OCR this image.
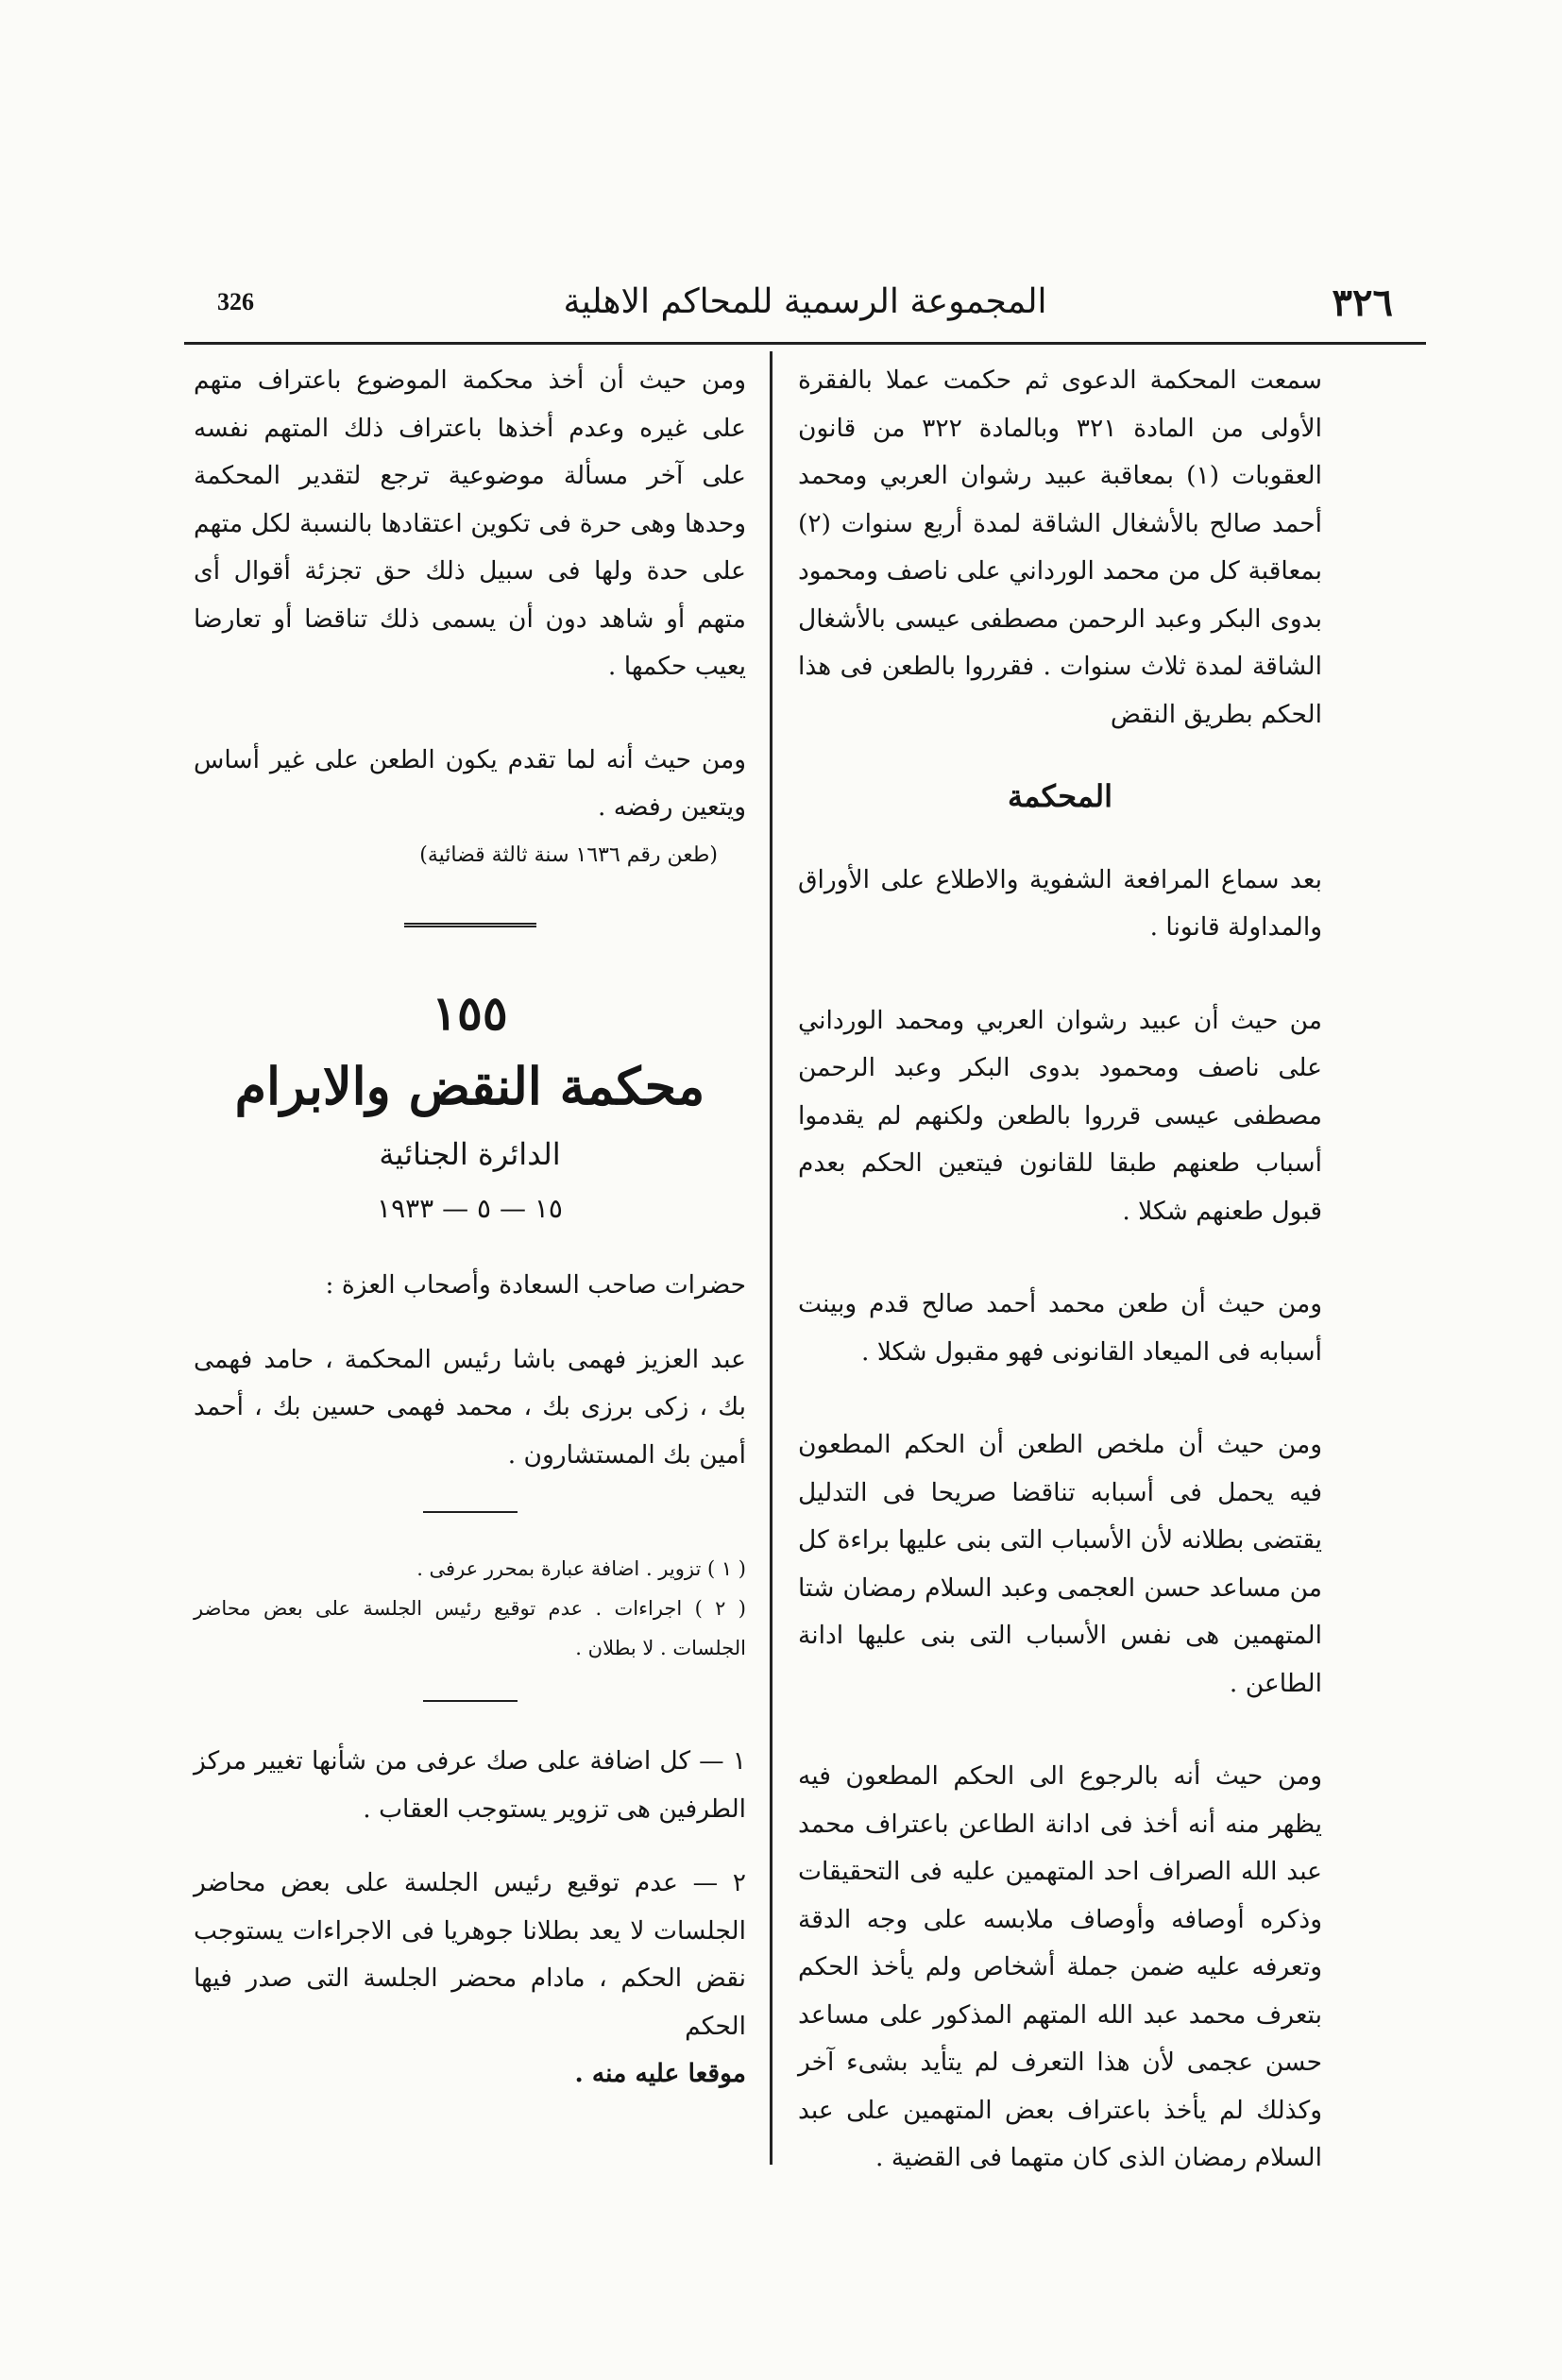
326	المجموعة الرسمية للمحاكم الاهلية	٣٢٦

سمعت المحكمة الدعوى ثم حكمت عملا بالفقرة الأولى من المادة ٣٢١ وبالمادة ٣٢٢ من قانون العقوبات (١) بمعاقبة عبيد رشوان العربي ومحمد أحمد صالح بالأشغال الشاقة لمدة أربع سنوات (٢) بمعاقبة كل من محمد الورداني على ناصف ومحمود بدوى البكر وعبد الرحمن مصطفى عيسى بالأشغال الشاقة لمدة ثلاث سنوات . فقرروا بالطعن فى هذا الحكم بطريق النقض

المحكمة

بعد سماع المرافعة الشفوية والاطلاع على الأوراق والمداولة قانونا .

من حيث أن عبيد رشوان العربي ومحمد الورداني على ناصف ومحمود بدوى البكر وعبد الرحمن مصطفى عيسى قرروا بالطعن ولكنهم لم يقدموا أسباب طعنهم طبقا للقانون فيتعين الحكم بعدم قبول طعنهم شكلا .

ومن حيث أن طعن محمد أحمد صالح قدم وبينت أسبابه فى الميعاد القانونى فهو مقبول شكلا .

ومن حيث أن ملخص الطعن أن الحكم المطعون فيه يحمل فى أسبابه تناقضا صريحا فى التدليل يقتضى بطلانه لأن الأسباب التى بنى عليها براءة كل من مساعد حسن العجمى وعبد السلام رمضان شتا المتهمين هى نفس الأسباب التى بنى عليها ادانة الطاعن .

ومن حيث أنه بالرجوع الى الحكم المطعون فيه يظهر منه أنه أخذ فى ادانة الطاعن باعتراف محمد عبد الله الصراف احد المتهمين عليه فى التحقيقات وذكره أوصافه وأوصاف ملابسه على وجه الدقة وتعرفه عليه ضمن جملة أشخاص ولم يأخذ الحكم بتعرف محمد عبد الله المتهم المذكور على مساعد حسن عجمى لأن هذا التعرف لم يتأيد بشىء آخر وكذلك لم يأخذ باعتراف بعض المتهمين على عبد السلام رمضان الذى كان متهما فى القضية .

ومن حيث أن أخذ محكمة الموضوع باعتراف متهم على غيره وعدم أخذها باعتراف ذلك المتهم نفسه على آخر مسألة موضوعية ترجع لتقدير المحكمة وحدها وهى حرة فى تكوين اعتقادها بالنسبة لكل متهم على حدة ولها فى سبيل ذلك حق تجزئة أقوال أى متهم أو شاهد دون أن يسمى ذلك تناقضا أو تعارضا يعيب حكمها .

ومن حيث أنه لما تقدم يكون الطعن على غير أساس ويتعين رفضه .

(طعن رقم ١٦٣٦ سنة ثالثة قضائية)

١٥٥

محكمة النقض والابرام

الدائرة الجنائية

١٥ — ٥ — ١٩٣٣

حضرات صاحب السعادة وأصحاب العزة :

عبد العزيز فهمى باشا رئيس المحكمة ، حامد فهمى بك ، زكى برزى بك ، محمد فهمى حسين بك ، أحمد أمين بك المستشارون .

( ١ ) تزوير . اضافة عبارة بمحرر عرفى .

( ٢ ) اجراءات . عدم توقيع رئيس الجلسة على بعض محاضر الجلسات . لا بطلان .

١ — كل اضافة على صك عرفى من شأنها تغيير مركز الطرفين هى تزوير يستوجب العقاب .

٢ — عدم توقيع رئيس الجلسة على بعض محاضر الجلسات لا يعد بطلانا جوهريا فى الاجراءات يستوجب نقض الحكم ، مادام محضر الجلسة التى صدر فيها الحكم

موقعا عليه منه .
